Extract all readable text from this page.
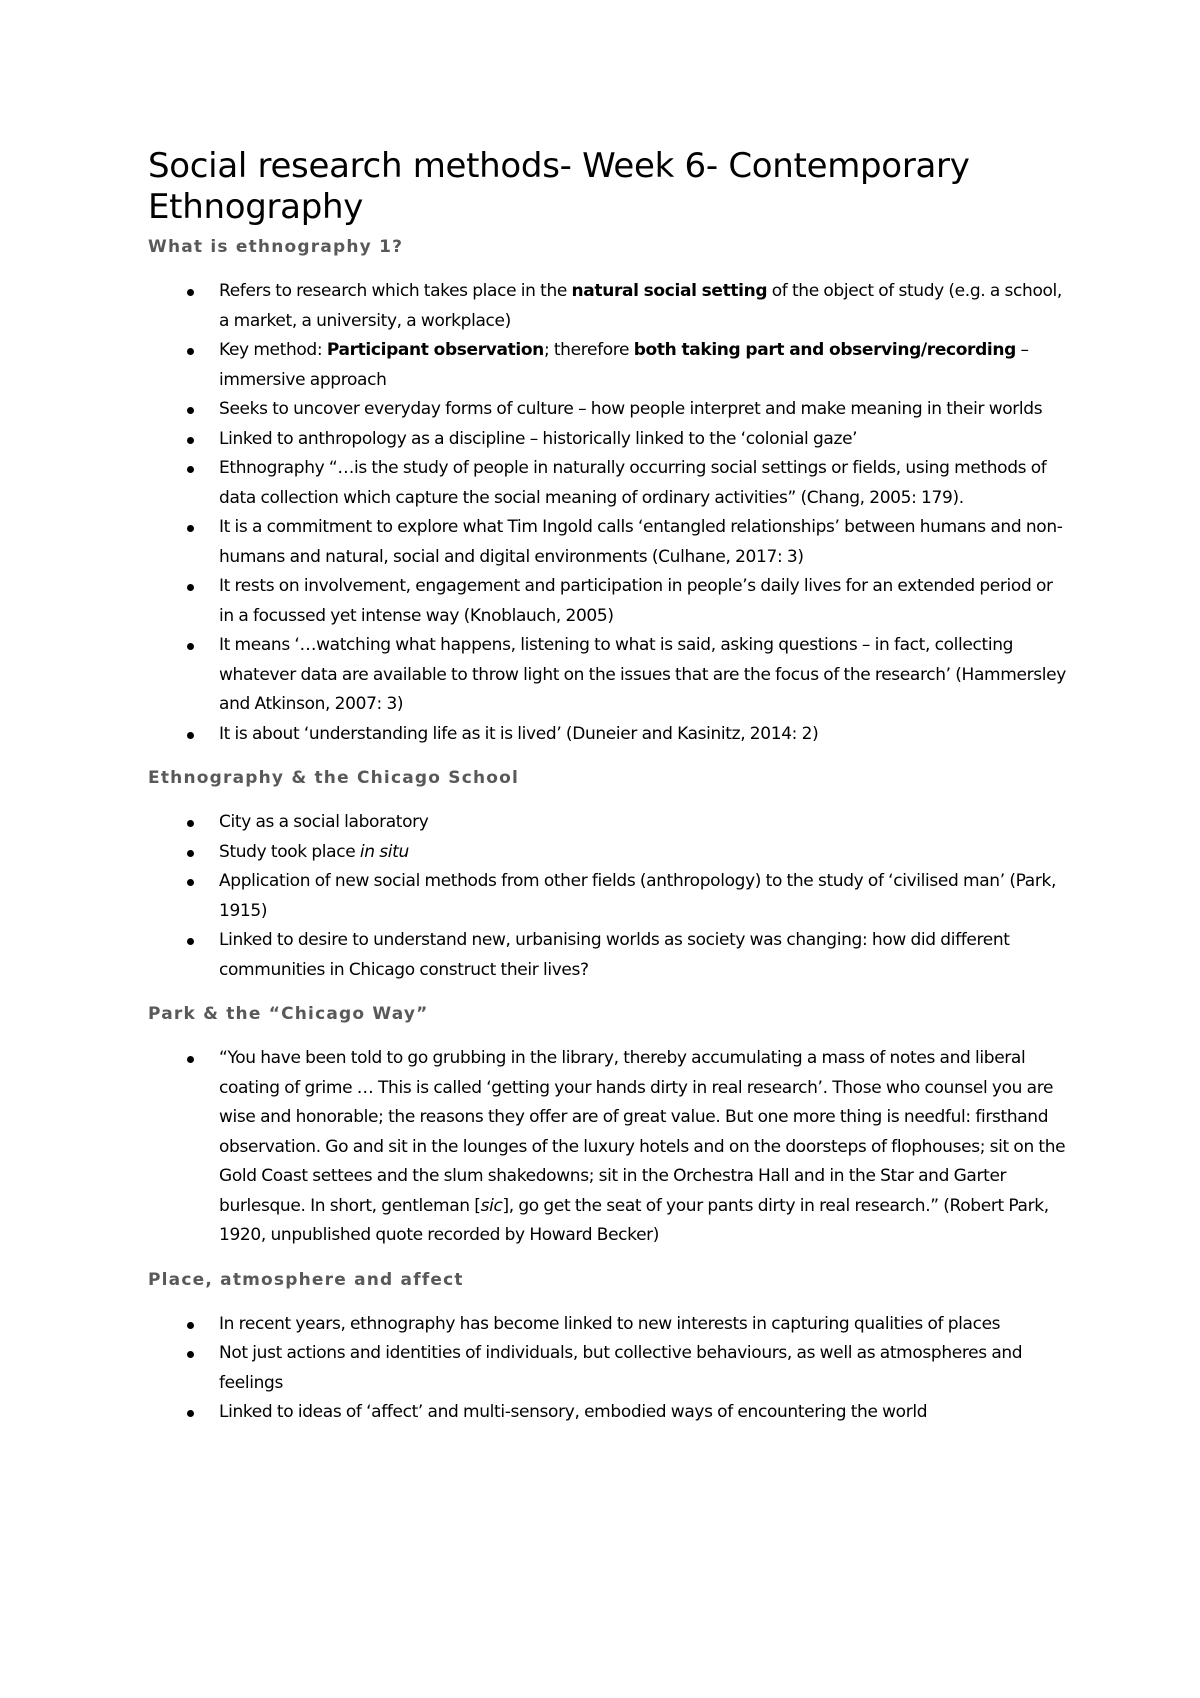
Social research methods- Week 6- Contemporary Ethnography
What is ethnography 1?
Refers to research which takes place in the natural social setting of the object of study (e.g. a school, a market, a university, a workplace)
Key method: Participant observation; therefore both taking part and observing/recording – immersive approach
Seeks to uncover everyday forms of culture – how people interpret and make meaning in their worlds
Linked to anthropology as a discipline – historically linked to the ‘colonial gaze’
Ethnography “…is the study of people in naturally occurring social settings or fields, using methods of data collection which capture the social meaning of ordinary activities” (Chang, 2005: 179).
It is a commitment to explore what Tim Ingold calls ‘entangled relationships’ between humans and non-humans and natural, social and digital environments (Culhane, 2017: 3)
It rests on involvement, engagement and participation in people’s daily lives for an extended period or in a focussed yet intense way (Knoblauch, 2005)
It means ‘…watching what happens, listening to what is said, asking questions – in fact, collecting whatever data are available to throw light on the issues that are the focus of the research’ (Hammersley and Atkinson, 2007: 3)
It is about ‘understanding life as it is lived’ (Duneier and Kasinitz, 2014: 2)
Ethnography & the Chicago School
City as a social laboratory
Study took place in situ
Application of new social methods from other fields (anthropology) to the study of ‘civilised man’ (Park, 1915)
Linked to desire to understand new, urbanising worlds as society was changing: how did different communities in Chicago construct their lives?
Park & the “Chicago Way”
“You have been told to go grubbing in the library, thereby accumulating a mass of notes and liberal coating of grime … This is called ‘getting your hands dirty in real research’. Those who counsel you are wise and honorable; the reasons they offer are of great value. But one more thing is needful: firsthand observation. Go and sit in the lounges of the luxury hotels and on the doorsteps of flophouses; sit on the Gold Coast settees and the slum shakedowns; sit in the Orchestra Hall and in the Star and Garter burlesque. In short, gentleman [sic], go get the seat of your pants dirty in real research.” (Robert Park, 1920, unpublished quote recorded by Howard Becker)
Place, atmosphere and affect
In recent years, ethnography has become linked to new interests in capturing qualities of places
Not just actions and identities of individuals, but collective behaviours, as well as atmospheres and feelings
Linked to ideas of ‘affect’ and multi-sensory, embodied ways of encountering the world
